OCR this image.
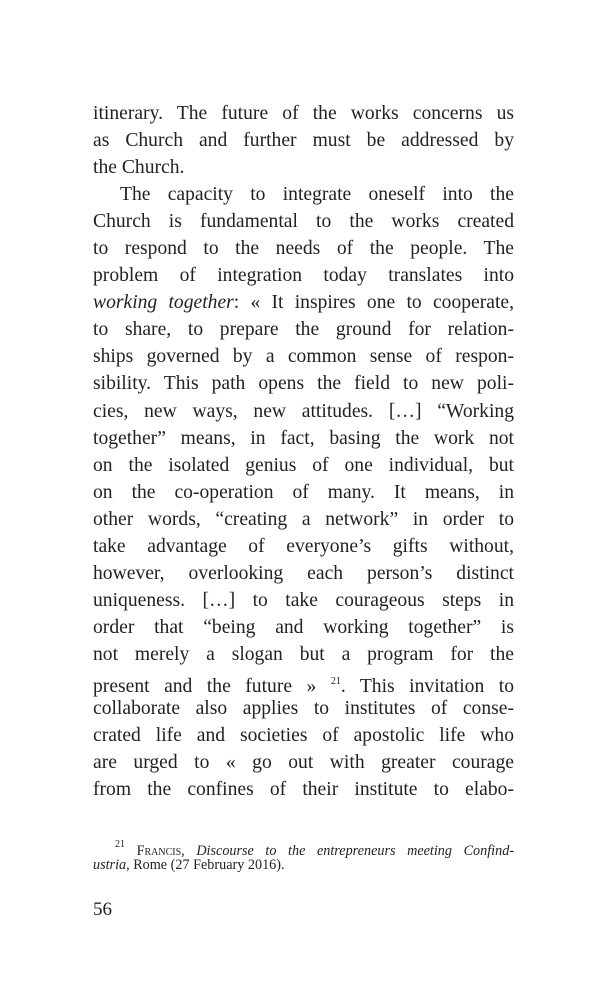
itinerary. The future of the works concerns us
as Church and further must be addressed by
the Church.
The capacity to integrate oneself into the
Church is fundamental to the works created
to respond to the needs of the people. The
problem of integration today translates into
working together: « It inspires one to cooperate,
to share, to prepare the ground for relation-
ships governed by a common sense of respon-
sibility. This path opens the field to new poli-
cies, new ways, new attitudes. […] “Working
together” means, in fact, basing the work not
on the isolated genius of one individual, but
on the co-operation of many. It means, in
other words, “creating a network” in order to
take advantage of everyone’s gifts without,
however, overlooking each person’s distinct
uniqueness. […] to take courageous steps in
order that “being and working together” is
not merely a slogan but a program for the
present and the future » $^{21}$. This invitation to
collaborate also applies to institutes of conse-
crated life and societies of apostolic life who
are urged to « go out with greater courage
from the confines of their institute to elabo-
$^{21}$ Francis, Discourse to the entrepreneurs meeting Confind-
ustria, Rome (27 February 2016).
56
